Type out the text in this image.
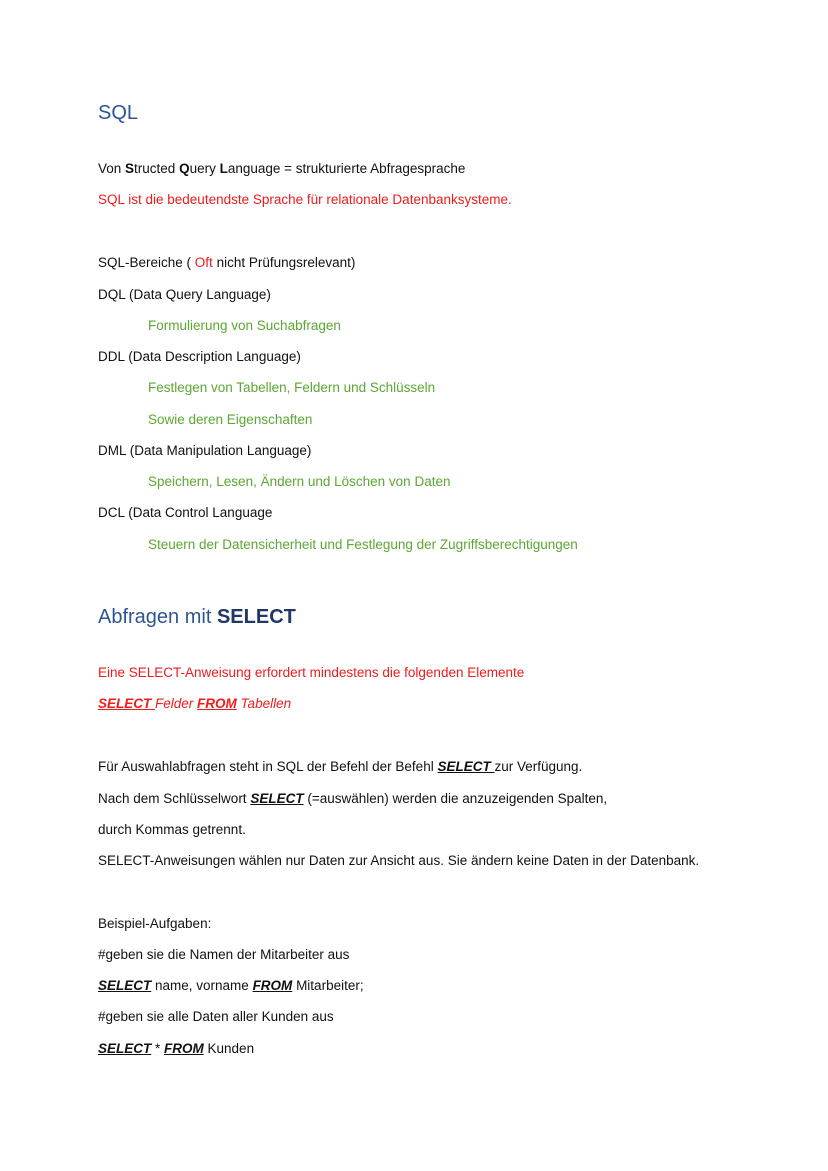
SQL
Von Structed Query Language = strukturierte Abfragesprache
SQL ist die bedeutendste Sprache für relationale Datenbanksysteme.
SQL-Bereiche ( Oft nicht Prüfungsrelevant)
DQL (Data Query Language)
Formulierung von Suchabfragen
DDL (Data Description Language)
Festlegen von Tabellen, Feldern und Schlüsseln
Sowie deren Eigenschaften
DML (Data Manipulation Language)
Speichern, Lesen, Ändern und Löschen von Daten
DCL (Data Control Language
Steuern der Datensicherheit und Festlegung der Zugriffsberechtigungen
Abfragen mit SELECT
Eine SELECT-Anweisung erfordert mindestens die folgenden Elemente
SELECT Felder FROM Tabellen
Für Auswahlabfragen steht in SQL der Befehl der Befehl SELECT zur Verfügung.
Nach dem Schlüsselwort SELECT (=auswählen) werden die anzuzeigenden Spalten,
durch Kommas getrennt.
SELECT-Anweisungen wählen nur Daten zur Ansicht aus. Sie ändern keine Daten in der Datenbank.
Beispiel-Aufgaben:
#geben sie die Namen der Mitarbeiter aus
SELECT name, vorname FROM Mitarbeiter;
#geben sie alle Daten aller Kunden aus
SELECT * FROM Kunden
